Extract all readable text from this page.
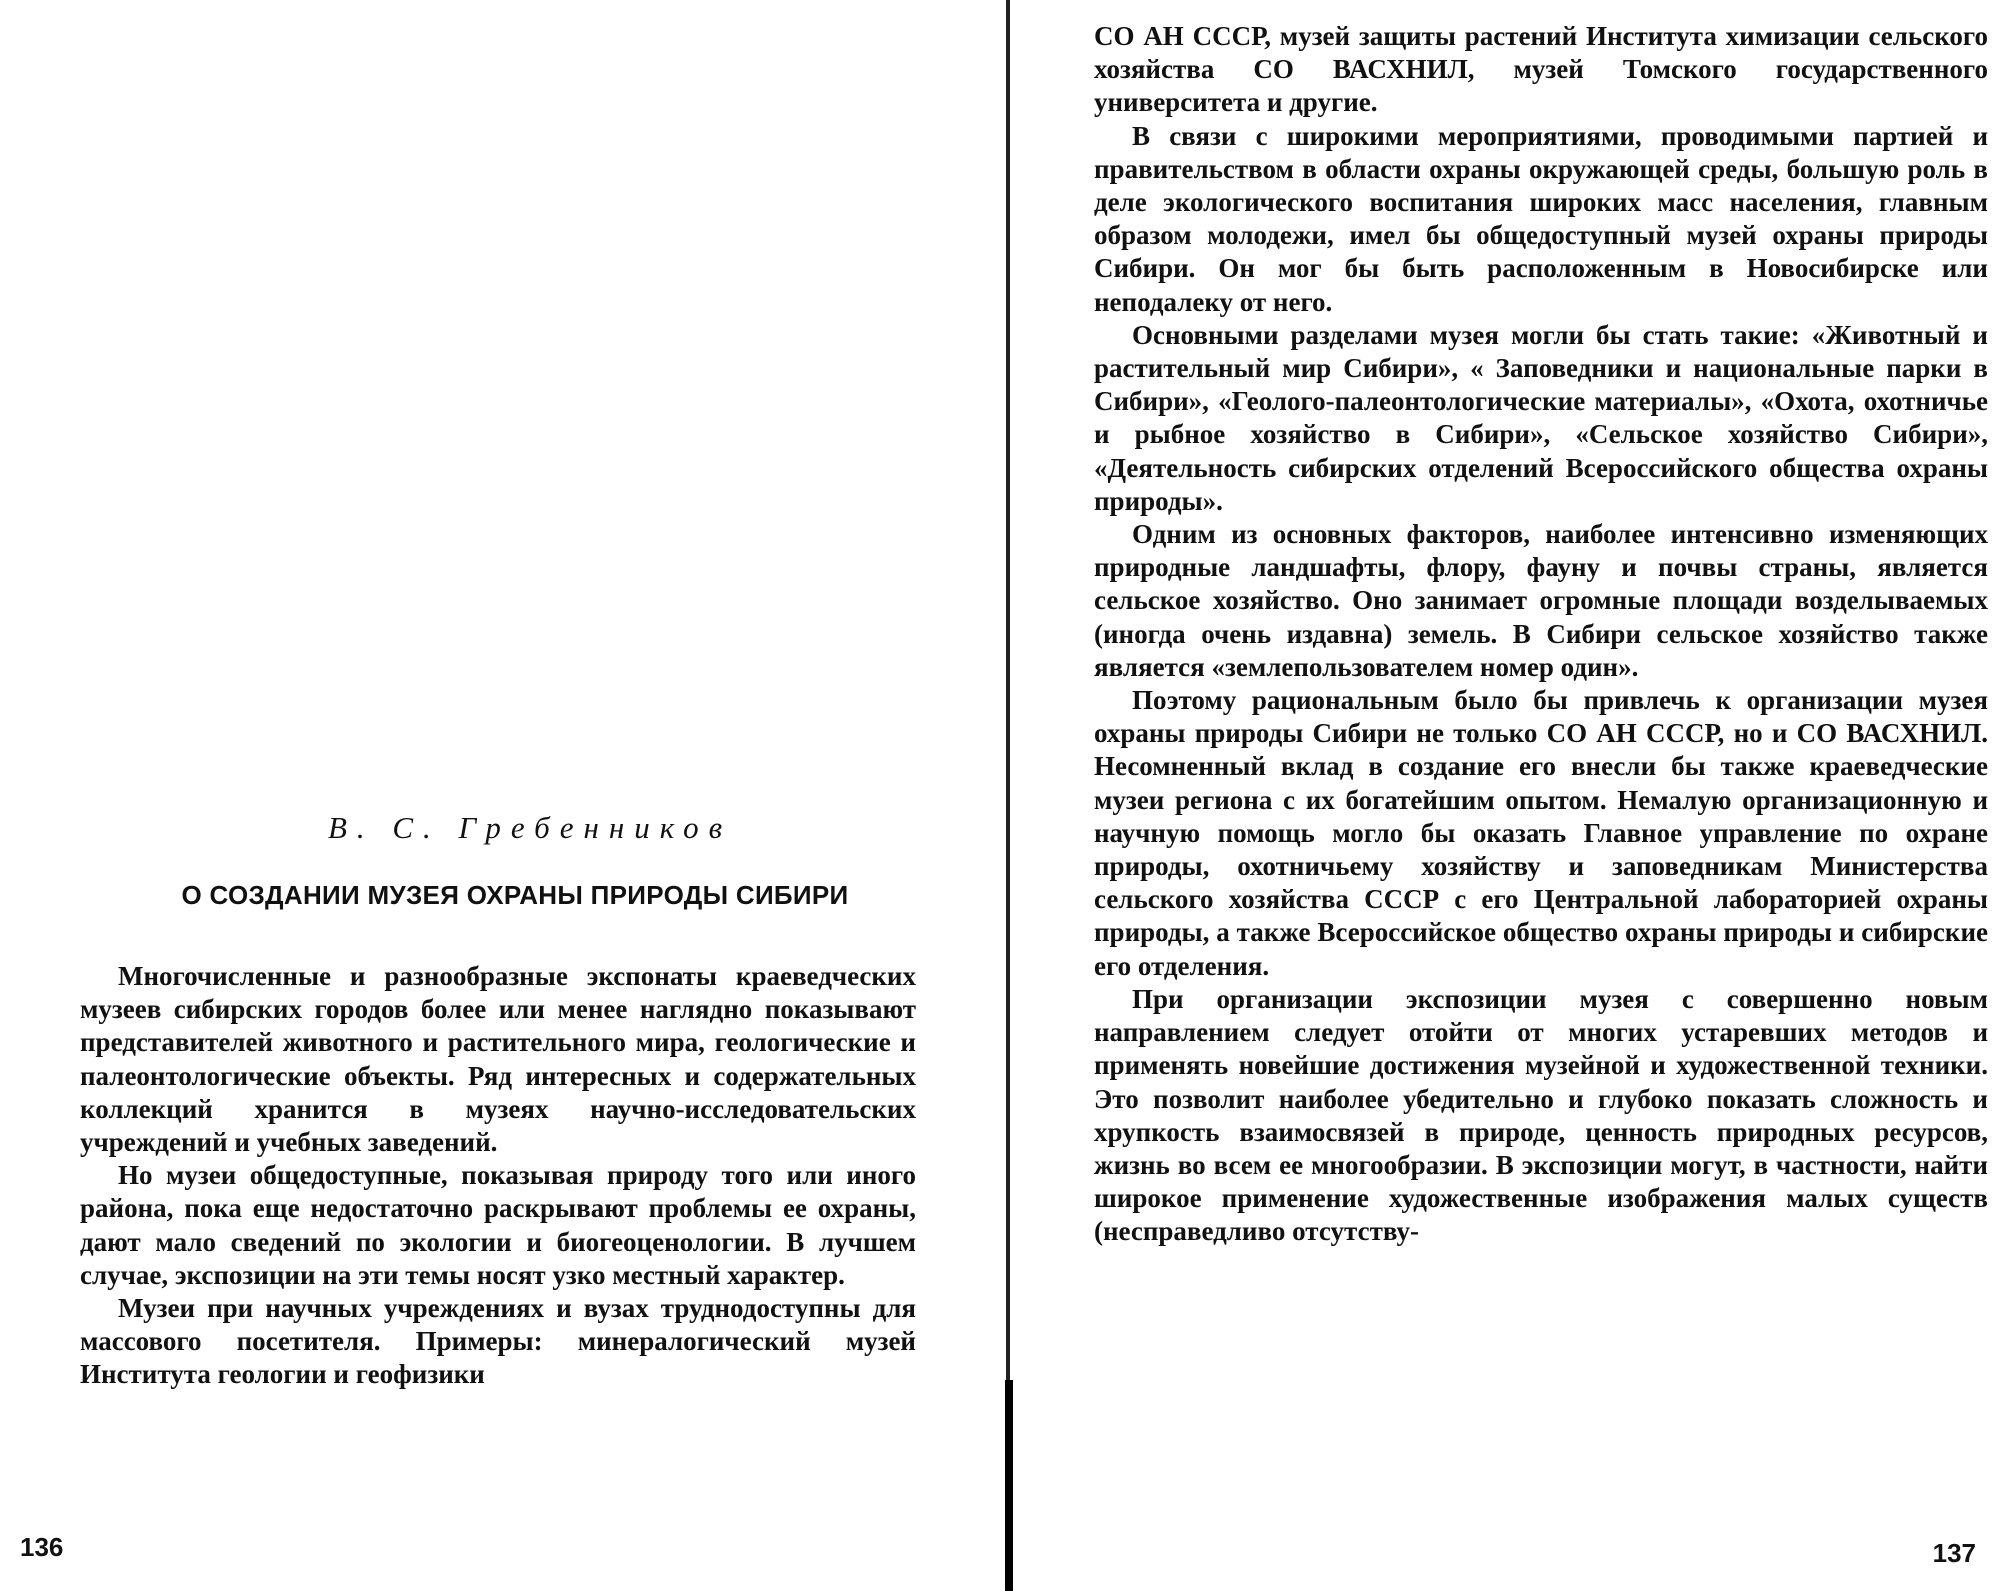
В. С. Гребенников

О СОЗДАНИИ МУЗЕЯ ОХРАНЫ ПРИРОДЫ СИБИРИ

Многочисленные и разнообразные экспонаты краеведческих музеев сибирских городов более или менее наглядно показывают представителей животного и растительного мира, геологические и палеонтологические объекты. Ряд интересных и содержательных коллекций хранится в музеях научно-исследовательских учреждений и учебных заведений.

Но музеи общедоступные, показывая природу того или иного района, пока еще недостаточно раскрывают проблемы ее охраны, дают мало сведений по экологии и биогеоценологии. В лучшем случае, экспозиции на эти темы носят узко местный характер.

Музеи при научных учреждениях и вузах труднодоступны для массового посетителя. Примеры: минералогический музей Института геологии и геофизики

136

СО АН СССР, музей защиты растений Института химизации сельского хозяйства СО ВАСХНИЛ, музей Томского государственного университета и другие.

В связи с широкими мероприятиями, проводимыми партией и правительством в области охраны окружающей среды, большую роль в деле экологического воспитания широких масс населения, главным образом молодежи, имел бы общедоступный музей охраны природы Сибири. Он мог бы быть расположенным в Новосибирске или неподалеку от него.

Основными разделами музея могли бы стать такие: «Животный и растительный мир Сибири», « Заповедники и национальные парки в Сибири», «Геолого-палеонтологические материалы», «Охота, охотничье и рыбное хозяйство в Сибири», «Сельское хозяйство Сибири», «Деятельность сибирских отделений Всероссийского общества охраны природы».

Одним из основных факторов, наиболее интенсивно изменяющих природные ландшафты, флору, фауну и почвы страны, является сельское хозяйство. Оно занимает огромные площади возделываемых (иногда очень издавна) земель. В Сибири сельское хозяйство также является «землепользователем номер один».

Поэтому рациональным было бы привлечь к организации музея охраны природы Сибири не только СО АН СССР, но и СО ВАСХНИЛ. Несомненный вклад в создание его внесли бы также краеведческие музеи региона с их богатейшим опытом. Немалую организационную и научную помощь могло бы оказать Главное управление по охране природы, охотничьему хозяйству и заповедникам Министерства сельского хозяйства СССР с его Центральной лабораторией охраны природы, а также Всероссийское общество охраны природы и сибирские его отделения.

При организации экспозиции музея с совершенно новым направлением следует отойти от многих устаревших методов и применять новейшие достижения музейной и художественной техники. Это позволит наиболее убедительно и глубоко показать сложность и хрупкость взаимосвязей в природе, ценность природных ресурсов, жизнь во всем ее многообразии. В экспозиции могут, в частности, найти широкое применение художественные изображения малых существ (несправедливо отсутству-

137
